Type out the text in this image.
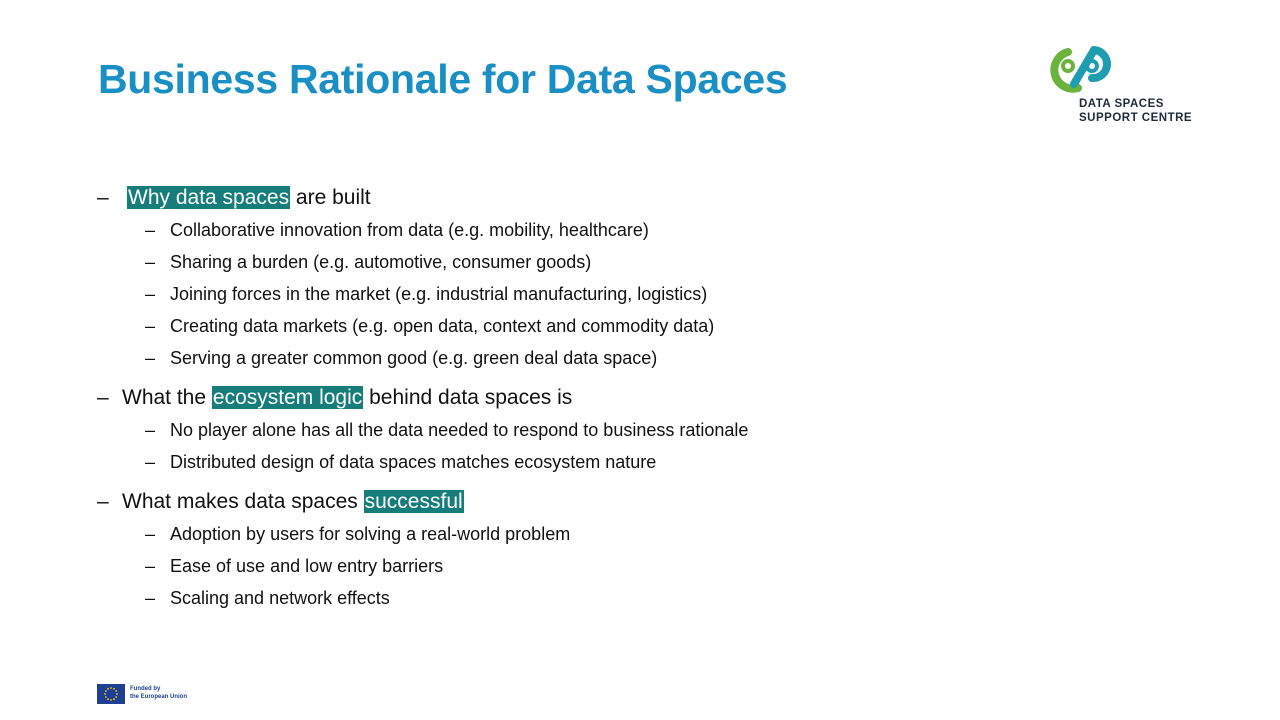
Business Rationale for Data Spaces
DATA SPACES
SUPPORT CENTRE
– Why data spaces are built
– Collaborative innovation from data (e.g. mobility, healthcare)
– Sharing a burden (e.g. automotive, consumer goods)
– Joining forces in the market (e.g. industrial manufacturing, logistics)
– Creating data markets (e.g. open data, context and commodity data)
– Serving a greater common good (e.g. green deal data space)
– What the ecosystem logic behind data spaces is
– No player alone has all the data needed to respond to business rationale
– Distributed design of data spaces matches ecosystem nature
– What makes data spaces successful
– Adoption by users for solving a real-world problem
– Ease of use and low entry barriers
– Scaling and network effects
Funded by
the European Union
